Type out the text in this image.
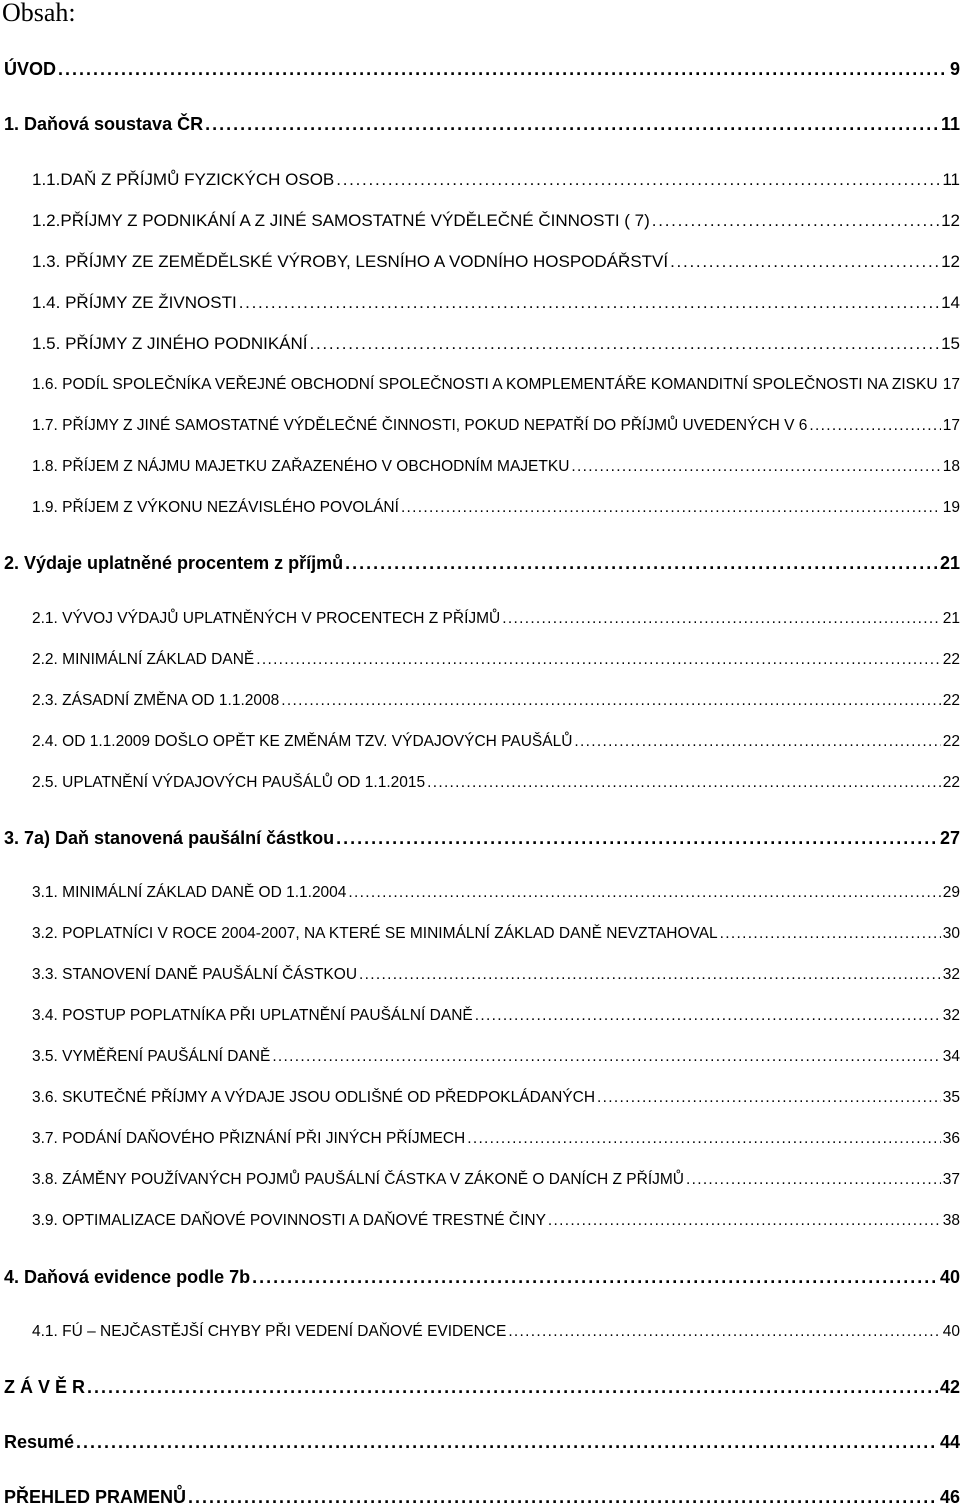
Obsah:
ÚVOD . . .	9
1. Daňová soustava ČR . . .	11
1.1.DAŇ Z PŘÍJMŮ FYZICKÝCH OSOB . . .	11
1.2.PŘÍJMY Z PODNIKÁNÍ A Z JINÉ SAMOSTATNÉ VÝDĚLEČNÉ ČINNOSTI ( 7) . . .	12
1.3. PŘÍJMY ZE ZEMĚDĚLSKÉ VÝROBY, LESNÍHO A VODNÍHO HOSPODÁŘSTVÍ . . .	12
1.4. PŘÍJMY ZE ŽIVNOSTI . . .	14
1.5. PŘÍJMY Z JINÉHO PODNIKÁNÍ . . .	15
1.6. PODÍL SPOLEČNÍKA VEŘEJNÉ OBCHODNÍ SPOLEČNOSTI A KOMPLEMENTÁŘE KOMANDITNÍ SPOLEČNOSTI NA ZISKU . . . 17
1.7. PŘÍJMY Z JINÉ SAMOSTATNÉ VÝDĚLEČNÉ ČINNOSTI, POKUD NEPATŘÍ DO PŘÍJMŮ UVEDENÝCH V 6 . . .	17
1.8. PŘÍJEM Z NÁJMU MAJETKU ZAŘAZENÉHO V OBCHODNÍM MAJETKU . . .	18
1.9. PŘÍJEM Z VÝKONU NEZÁVISLÉHO POVOLÁNÍ . . .	19
2. Výdaje uplatněné procentem z příjmů . . .	21
2.1. VÝVOJ VÝDAJŮ UPLATNĚNÝCH V PROCENTECH Z PŘÍJMŮ . . .	21
2.2. MINIMÁLNÍ ZÁKLAD DANĚ . . .	22
2.3. ZÁSADNÍ ZMĚNA OD 1.1.2008 . . .	22
2.4. OD 1.1.2009 DOŠLO OPĚT KE ZMĚNÁM TZV. VÝDAJOVÝCH PAUŠÁLŮ . . .	22
2.5. UPLATNĚNÍ VÝDAJOVÝCH PAUŠÁLŮ OD 1.1.2015 . . .	22
3. 7a) Daň stanovená paušální částkou . . .	27
3.1. MINIMÁLNÍ ZÁKLAD DANĚ OD 1.1.2004 . . .	29
3.2. POPLATNÍCI V ROCE 2004-2007, NA KTERÉ SE MINIMÁLNÍ ZÁKLAD DANĚ NEVZTAHOVAL . . .	30
3.3. STANOVENÍ DANĚ PAUŠÁLNÍ ČÁSTKOU . . .	32
3.4. POSTUP POPLATNÍKA PŘI UPLATNĚNÍ PAUŠÁLNÍ DANĚ . . .	32
3.5. VYMĚŘENÍ PAUŠÁLNÍ DANĚ . . .	34
3.6. SKUTEČNÉ PŘÍJMY A VÝDAJE JSOU ODLIŠNÉ OD PŘEDPOKLÁDANÝCH . . .	35
3.7. PODÁNÍ DAŇOVÉHO PŘIZNÁNÍ PŘI JINÝCH PŘÍJMECH . . .	36
3.8. ZÁMĚNY POUŽÍVANÝCH POJMŮ PAUŠÁLNÍ ČÁSTKA V ZÁKONĚ O DANÍCH Z PŘÍJMŮ . . .	37
3.9. OPTIMALIZACE DAŇOVÉ POVINNOSTI A DAŇOVÉ TRESTNÉ ČINY . . .	38
4. Daňová evidence podle 7b . . .	40
4.1. FÚ – NEJČASTĚJŠÍ CHYBY PŘI VEDENÍ DAŇOVÉ EVIDENCE . . .	40
Z Á V Ě R . . .	42
Resumé . . .	44
PŘEHLED PRAMENŮ . . .	46
